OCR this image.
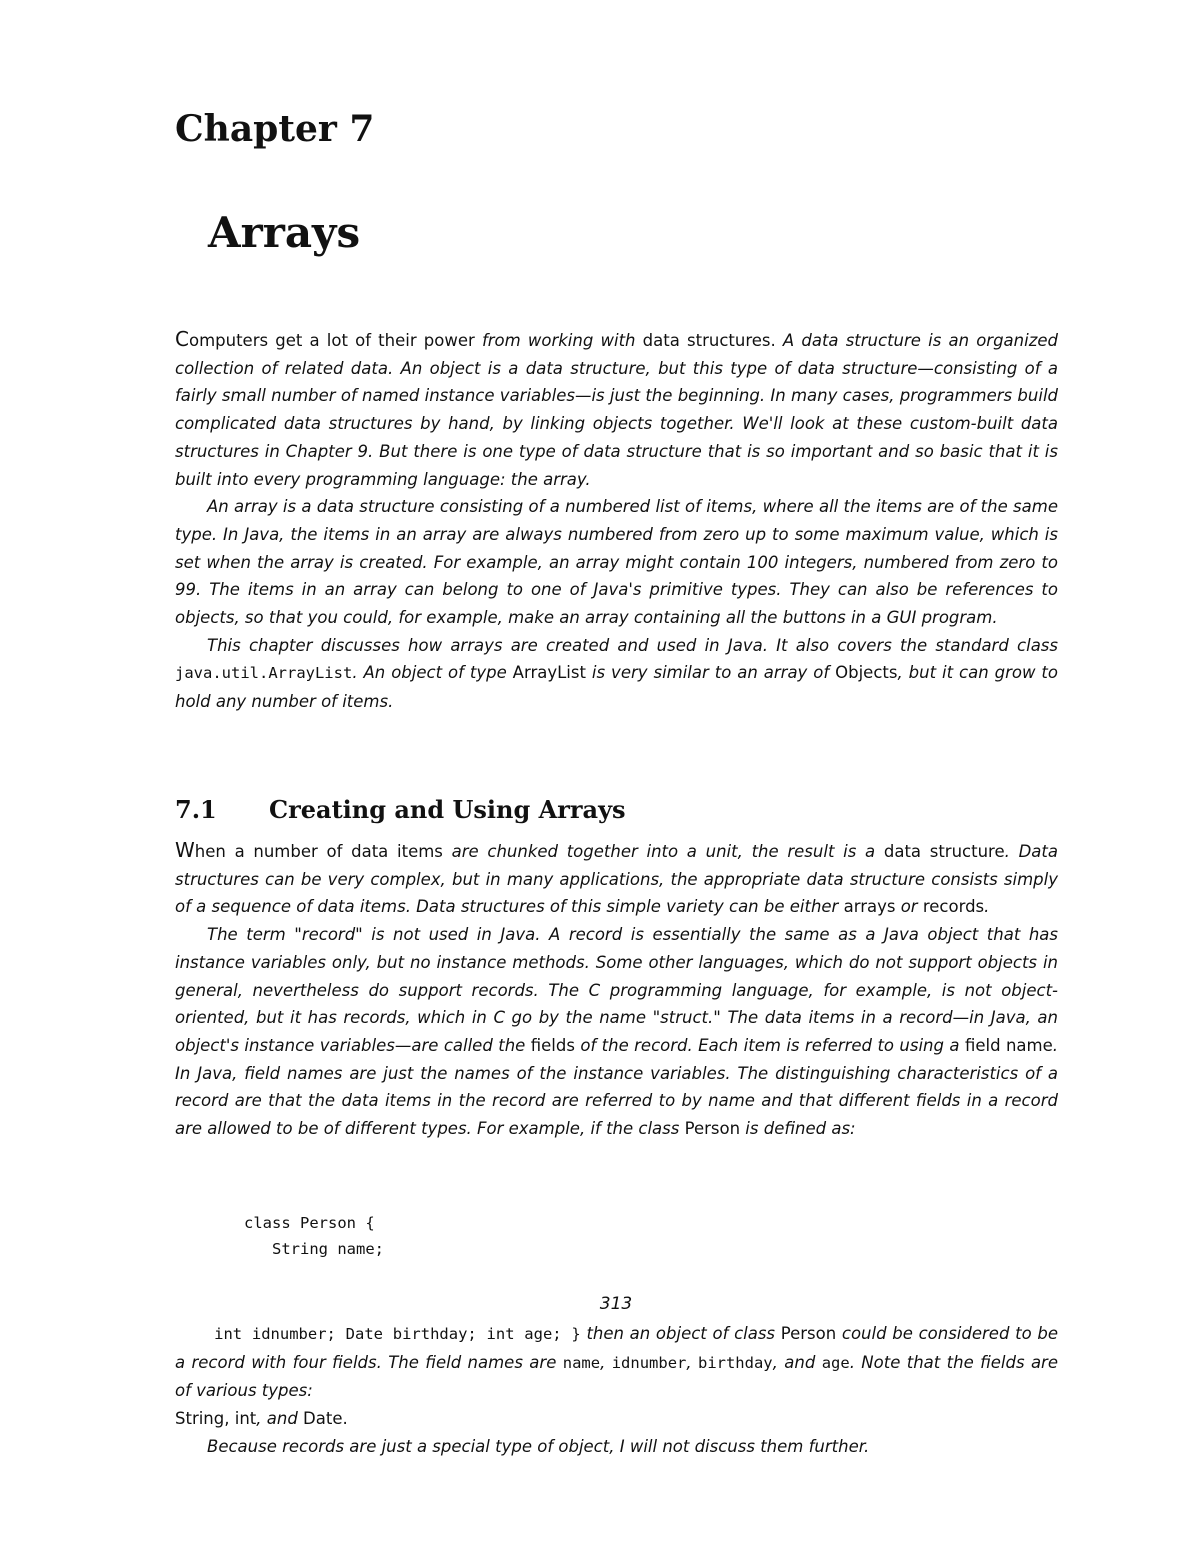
Chapter 7
Arrays

Computers get a lot of their power from working with data structures. A data structure is an organized collection of related data. An object is a data structure, but this type of data structure—consisting of a fairly small number of named instance variables—is just the beginning. In many cases, programmers build complicated data structures by hand, by linking objects together. We'll look at these custom-built data structures in Chapter 9. But there is one type of data structure that is so important and so basic that it is built into every programming language: the array.

An array is a data structure consisting of a numbered list of items, where all the items are of the same type. In Java, the items in an array are always numbered from zero up to some maximum value, which is set when the array is created. For example, an array might contain 100 integers, numbered from zero to 99. The items in an array can belong to one of Java's primitive types. They can also be references to objects, so that you could, for example, make an array containing all the buttons in a GUI program.

This chapter discusses how arrays are created and used in Java. It also covers the standard class java.util.ArrayList. An object of type ArrayList is very similar to an array of Objects, but it can grow to hold any number of items.

7.1 Creating and Using Arrays

When a number of data items are chunked together into a unit, the result is a data structure. Data structures can be very complex, but in many applications, the appropriate data structure consists simply of a sequence of data items. Data structures of this simple variety can be either arrays or records.

The term "record" is not used in Java. A record is essentially the same as a Java object that has instance variables only, but no instance methods. Some other languages, which do not support objects in general, nevertheless do support records. The C programming language, for example, is not object-oriented, but it has records, which in C go by the name "struct." The data items in a record—in Java, an object's instance variables—are called the fields of the record. Each item is referred to using a field name. In Java, field names are just the names of the instance variables. The distinguishing characteristics of a record are that the data items in the record are referred to by name and that different fields in a record are allowed to be of different types. For example, if the class Person is defined as:

class Person {
String name;
313

int idnumber; Date birthday; int age; } then an object of class Person could be considered to be a record with four fields. The field names are name, idnumber, birthday, and age. Note that the fields are of various types:

String, int, and Date.

Because records are just a special type of object, I will not discuss them further.
